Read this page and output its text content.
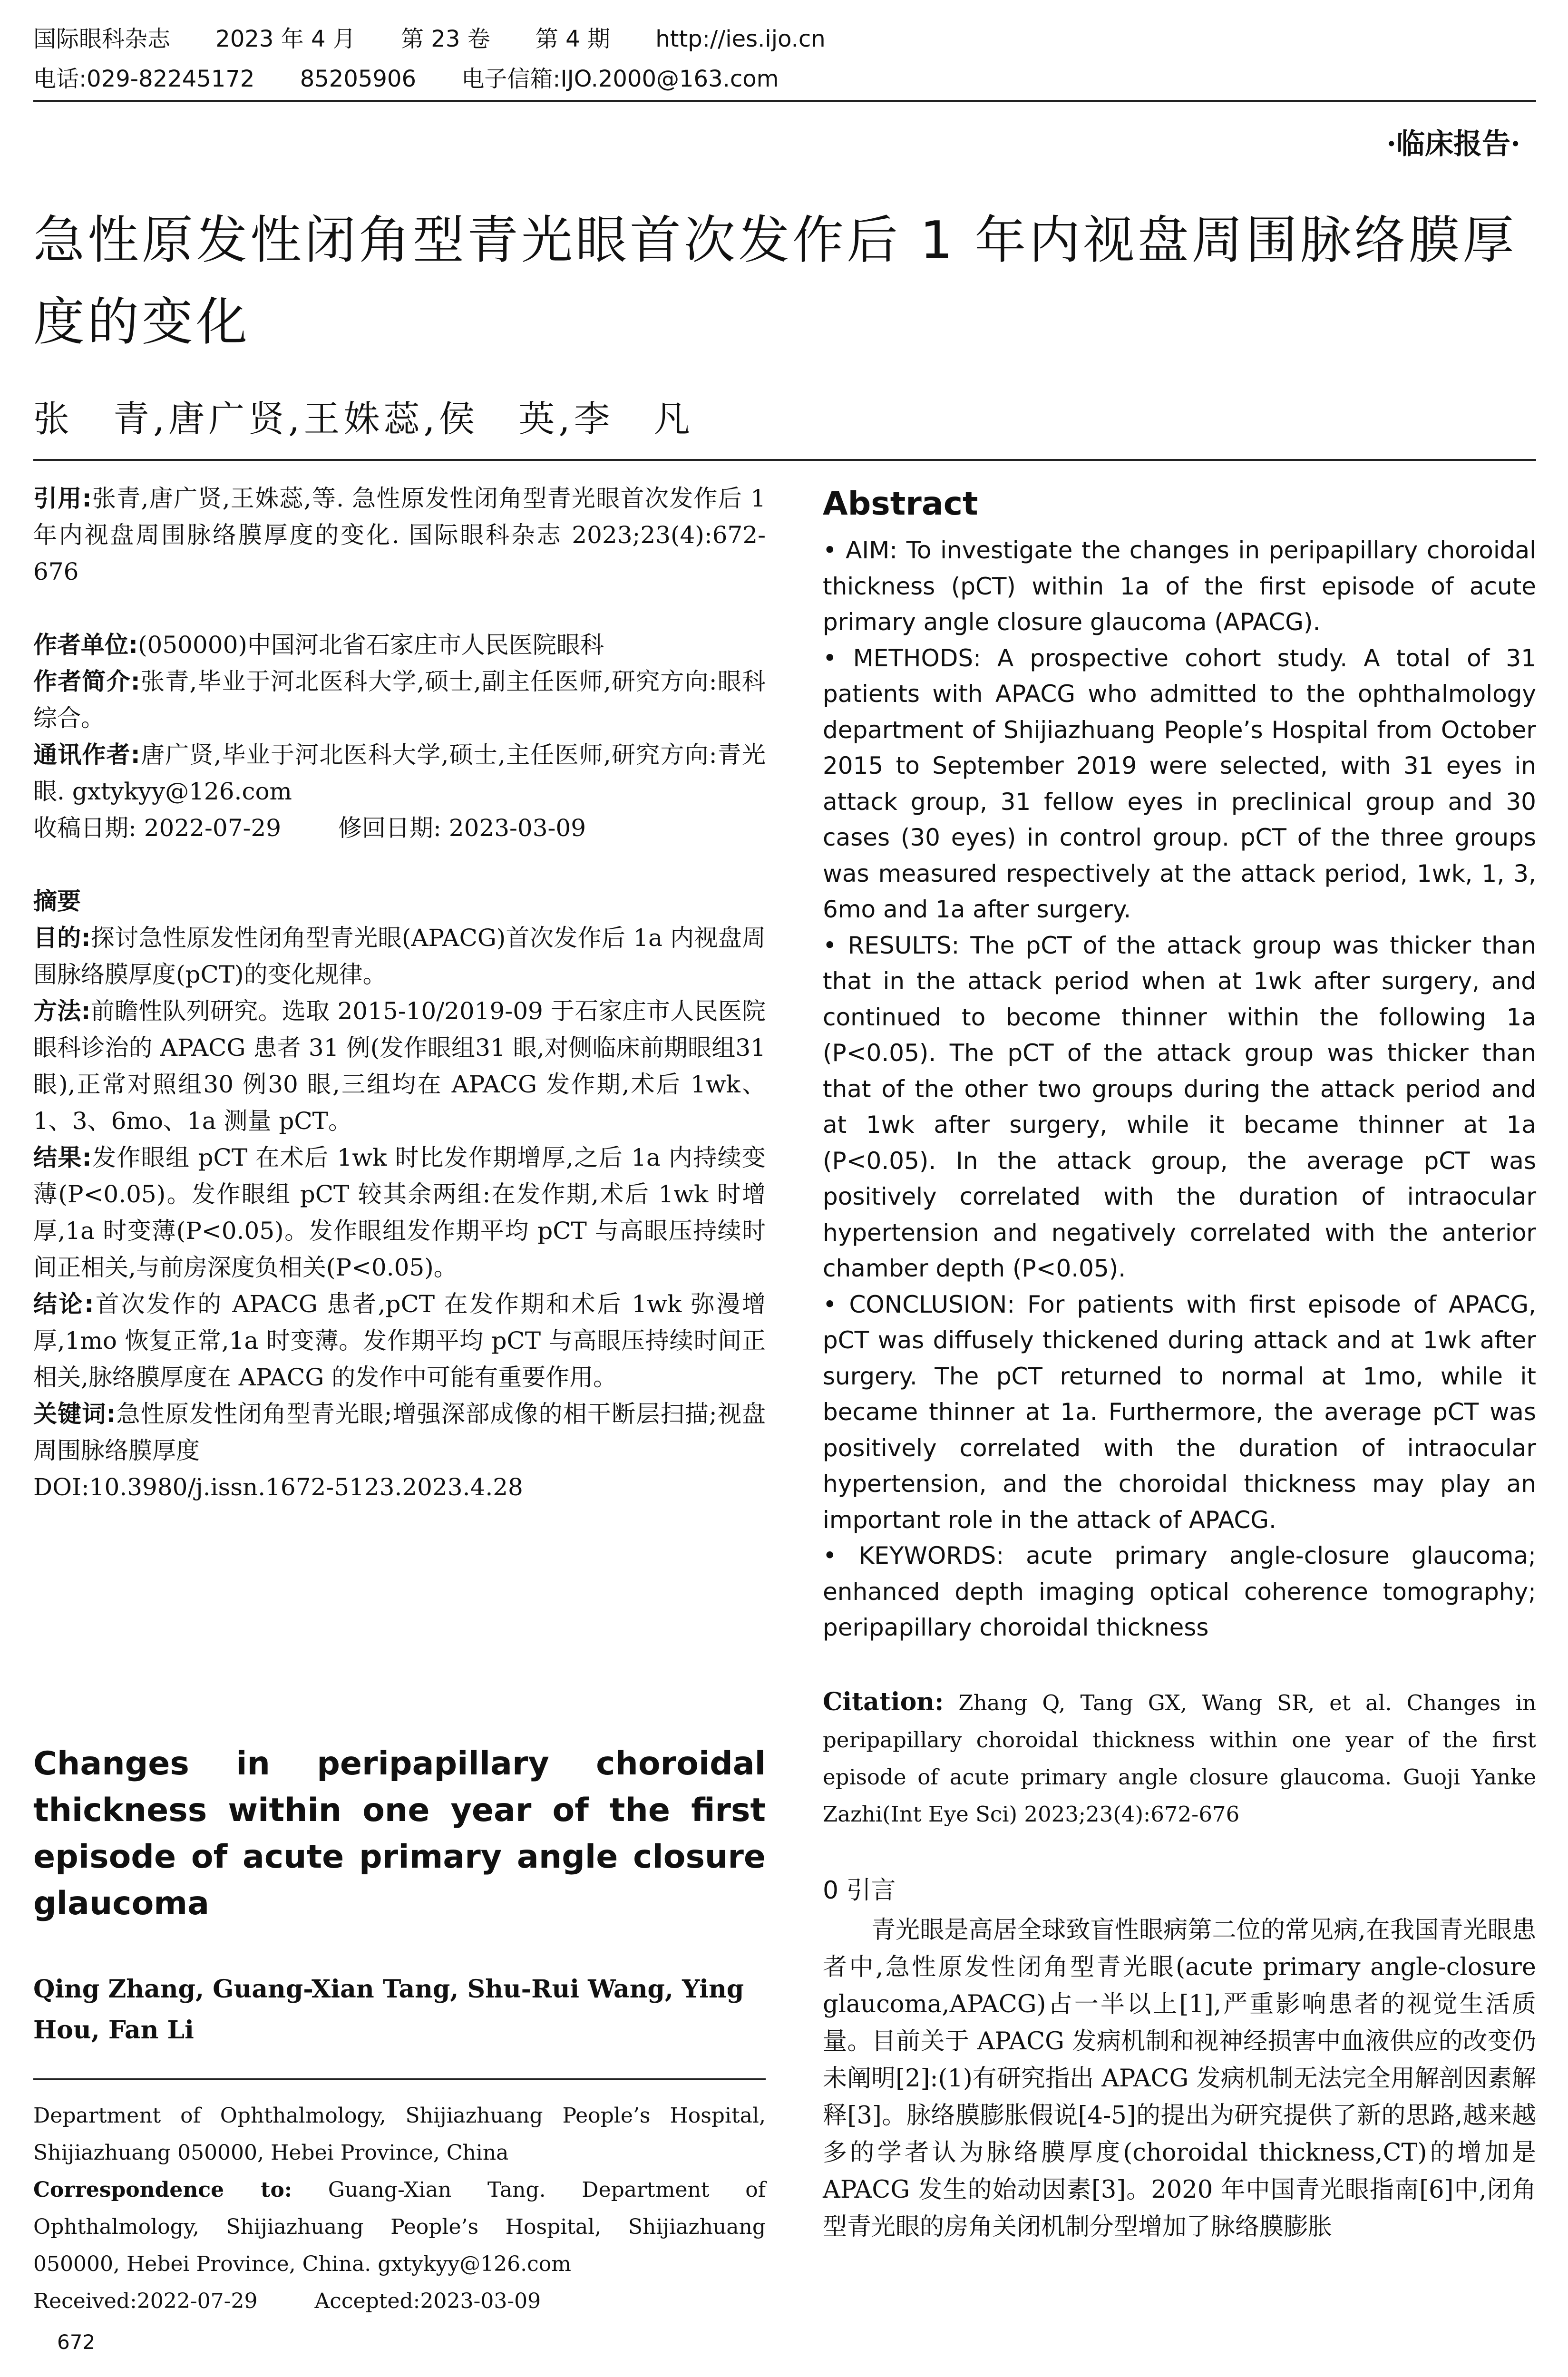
国际眼科杂志 2023 年 4 月 第 23 卷 第 4 期 http://ies.ijo.cn
电话:029-82245172 85205906 电子信箱:IJO.2000@163.com
·临床报告·
急性原发性闭角型青光眼首次发作后 1 年内视盘周围脉络膜厚度的变化
张　青,唐广贤,王姝蕊,侯　英,李　凡

引用:张青,唐广贤,王姝蕊,等. 急性原发性闭角型青光眼首次发作后 1 年内视盘周围脉络膜厚度的变化. 国际眼科杂志 2023;23(4):672-676

作者单位:(050000)中国河北省石家庄市人民医院眼科

作者简介:张青,毕业于河北医科大学,硕士,副主任医师,研究方向:眼科综合。

通讯作者:唐广贤,毕业于河北医科大学,硕士,主任医师,研究方向:青光眼. gxtykyy@126.com

收稿日期: 2022-07-29 修回日期: 2023-03-09

摘要

目的:探讨急性原发性闭角型青光眼(APACG)首次发作后 1a 内视盘周围脉络膜厚度(pCT)的变化规律。

方法:前瞻性队列研究。选取 2015-10/2019-09 于石家庄市人民医院眼科诊治的 APACG 患者 31 例(发作眼组31 眼,对侧临床前期眼组31 眼),正常对照组30 例30 眼,三组均在 APACG 发作期,术后 1wk、1、3、6mo、1a 测量 pCT。

结果:发作眼组 pCT 在术后 1wk 时比发作期增厚,之后 1a 内持续变薄(P<0.05)。发作眼组 pCT 较其余两组:在发作期,术后 1wk 时增厚,1a 时变薄(P<0.05)。发作眼组发作期平均 pCT 与高眼压持续时间正相关,与前房深度负相关(P<0.05)。

结论:首次发作的 APACG 患者,pCT 在发作期和术后 1wk 弥漫增厚,1mo 恢复正常,1a 时变薄。发作期平均 pCT 与高眼压持续时间正相关,脉络膜厚度在 APACG 的发作中可能有重要作用。

关键词:急性原发性闭角型青光眼;增强深部成像的相干断层扫描;视盘周围脉络膜厚度

DOI:10.3980/j.issn.1672-5123.2023.4.28

Changes in peripapillary choroidal thickness within one year of the first episode of acute primary angle closure glaucoma
Qing Zhang, Guang-Xian Tang, Shu-Rui Wang, Ying Hou, Fan Li

Department of Ophthalmology, Shijiazhuang People’s Hospital, Shijiazhuang 050000, Hebei Province, China

Correspondence to: Guang-Xian Tang. Department of Ophthalmology, Shijiazhuang People’s Hospital, Shijiazhuang 050000, Hebei Province, China. gxtykyy@126.com

Received:2022-07-29	Accepted:2023-03-09

672
Abstract

• AIM: To investigate the changes in peripapillary choroidal thickness (pCT) within 1a of the first episode of acute primary angle closure glaucoma (APACG).

• METHODS: A prospective cohort study. A total of 31 patients with APACG who admitted to the ophthalmology department of Shijiazhuang People’s Hospital from October 2015 to September 2019 were selected, with 31 eyes in attack group, 31 fellow eyes in preclinical group and 30 cases (30 eyes) in control group. pCT of the three groups was measured respectively at the attack period, 1wk, 1, 3, 6mo and 1a after surgery.

• RESULTS: The pCT of the attack group was thicker than that in the attack period when at 1wk after surgery, and continued to become thinner within the following 1a (P<0.05). The pCT of the attack group was thicker than that of the other two groups during the attack period and at 1wk after surgery, while it became thinner at 1a (P<0.05). In the attack group, the average pCT was positively correlated with the duration of intraocular hypertension and negatively correlated with the anterior chamber depth (P<0.05).

• CONCLUSION: For patients with first episode of APACG, pCT was diffusely thickened during attack and at 1wk after surgery. The pCT returned to normal at 1mo, while it became thinner at 1a. Furthermore, the average pCT was positively correlated with the duration of intraocular hypertension, and the choroidal thickness may play an important role in the attack of APACG.

• KEYWORDS: acute primary angle-closure glaucoma; enhanced depth imaging optical coherence tomography; peripapillary choroidal thickness

Citation: Zhang Q, Tang GX, Wang SR, et al. Changes in peripapillary choroidal thickness within one year of the first episode of acute primary angle closure glaucoma. Guoji Yanke Zazhi(Int Eye Sci) 2023;23(4):672-676
0 引言

青光眼是高居全球致盲性眼病第二位的常见病,在我国青光眼患者中,急性原发性闭角型青光眼(acute primary angle-closure glaucoma,APACG)占一半以上[1],严重影响患者的视觉生活质量。目前关于 APACG 发病机制和视神经损害中血液供应的改变仍未阐明[2]:(1)有研究指出 APACG 发病机制无法完全用解剖因素解释[3]。脉络膜膨胀假说[4-5]的提出为研究提供了新的思路,越来越多的学者认为脉络膜厚度(choroidal thickness,CT)的增加是 APACG 发生的始动因素[3]。2020 年中国青光眼指南[6]中,闭角型青光眼的房角关闭机制分型增加了脉络膜膨胀
